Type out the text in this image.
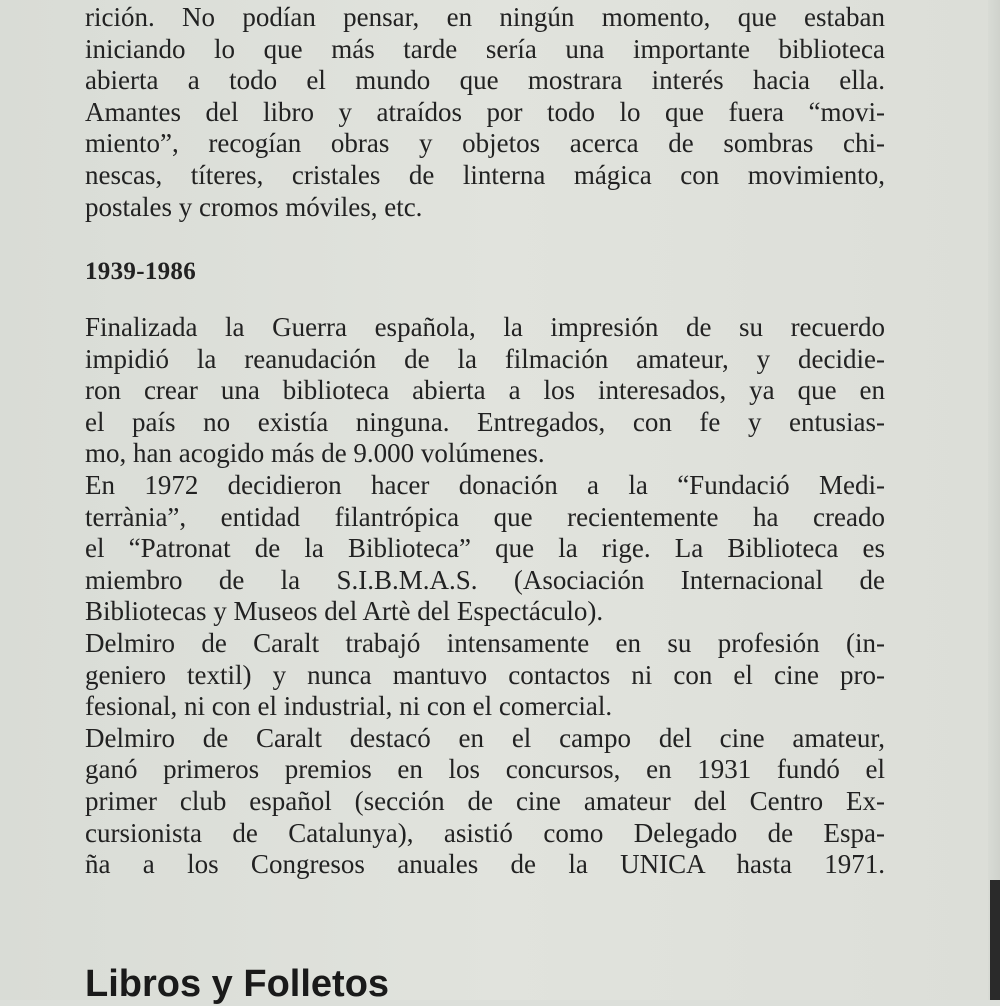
rición. No podían pensar, en ningún momento, que estaban
iniciando lo que más tarde sería una importante biblioteca
abierta a todo el mundo que mostrara interés hacia ella.
Amantes del libro y atraídos por todo lo que fuera “movi-
miento”, recogían obras y objetos acerca de sombras chi-
nescas, títeres, cristales de linterna mágica con movimiento,
postales y cromos móviles, etc.
1939-1986
Finalizada la Guerra española, la impresión de su recuerdo
impidió la reanudación de la filmación amateur, y decidie-
ron crear una biblioteca abierta a los interesados, ya que en
el país no existía ninguna. Entregados, con fe y entusias-
mo, han acogido más de 9.000 volúmenes.
En 1972 decidieron hacer donación a la “Fundació Medi-
terrània”, entidad filantrópica que recientemente ha creado
el “Patronat de la Biblioteca” que la rige. La Biblioteca es
miembro de la S.I.B.M.A.S. (Asociación Internacional de
Bibliotecas y Museos del Artè del Espectáculo).
Delmiro de Caralt trabajó intensamente en su profesión (in-
geniero textil) y nunca mantuvo contactos ni con el cine pro-
fesional, ni con el industrial, ni con el comercial.
Delmiro de Caralt destacó en el campo del cine amateur,
ganó primeros premios en los concursos, en 1931 fundó el
primer club español (sección de cine amateur del Centro Ex-
cursionista de Catalunya), asistió como Delegado de Espa-
ña a los Congresos anuales de la UNICA hasta 1971.
Libros y Folletos
